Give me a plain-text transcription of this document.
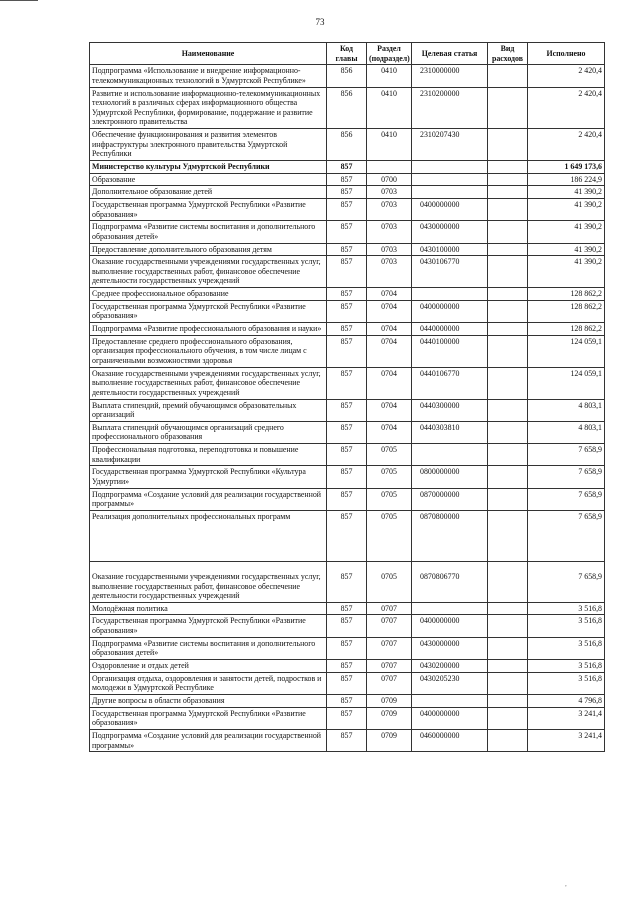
73
Наименование	Код главы	Раздел (подраздел)	Целевая статья	Вид расходов	Исполнено
Подпрограмма «Использование и внедрение информационно-телекоммуникационных технологий в Удмуртской Республике»	856	0410	2310000000		2 420,4
Развитие и использование информационно-телекоммуникационных технологий в различных сферах информационного общества Удмуртской Республики, формирование, поддержание и развитие электронного правительства	856	0410	2310200000		2 420,4
Обеспечение функционирования и развития элементов инфраструктуры электронного правительства Удмуртской Республики	856	0410	2310207430		2 420,4
Министерство культуры Удмуртской Республики	857				1 649 173,6
Образование	857	0700			186 224,9
Дополнительное образование детей	857	0703			41 390,2
Государственная программа Удмуртской Республики «Развитие образования»	857	0703	0400000000		41 390,2
Подпрограмма «Развитие системы воспитания и дополнительного образования детей»	857	0703	0430000000		41 390,2
Предоставление дополнительного образования детям	857	0703	0430100000		41 390,2
Оказание государственными учреждениями государственных услуг, выполнение государственных работ, финансовое обеспечение деятельности государственных учреждений	857	0703	0430106770		41 390,2
Среднее профессиональное образование	857	0704			128 862,2
Государственная программа Удмуртской Республики «Развитие образования»	857	0704	0400000000		128 862,2
Подпрограмма «Развитие профессионального образования и науки»	857	0704	0440000000		128 862,2
Предоставление среднего профессионального образования, организация профессионального обучения, в том числе лицам с ограниченными возможностями здоровья	857	0704	0440100000		124 059,1
Оказание государственными учреждениями государственных услуг, выполнение государственных работ, финансовое обеспечение деятельности государственных учреждений	857	0704	0440106770		124 059,1
Выплата стипендий, премий обучающимся образовательных организаций	857	0704	0440300000		4 803,1
Выплата стипендий обучающимся организаций среднего профессионального образования	857	0704	0440303810		4 803,1
Профессиональная подготовка, переподготовка и повышение квалификации	857	0705			7 658,9
Государственная программа Удмуртской Республики «Культура Удмуртии»	857	0705	0800000000		7 658,9
Подпрограмма «Создание условий для реализации государственной программы»	857	0705	0870000000		7 658,9
Реализация дополнительных профессиональных программ	857	0705	0870800000		7 658,9
Оказание государственными учреждениями государственных услуг, выполнение государственных работ, финансовое обеспечение деятельности государственных учреждений	857	0705	0870806770		7 658,9
Молодёжная политика	857	0707			3 516,8
Государственная программа Удмуртской Республики «Развитие образования»	857	0707	0400000000		3 516,8
Подпрограмма «Развитие системы воспитания и дополнительного образования детей»	857	0707	0430000000		3 516,8
Оздоровление и отдых детей	857	0707	0430200000		3 516,8
Организация отдыха, оздоровления и занятости детей, подростков и молодежи в Удмуртской Республике	857	0707	0430205230		3 516,8
Другие вопросы в области образования	857	0709			4 796,8
Государственная программа Удмуртской Республики «Развитие образования»	857	0709	0400000000		3 241,4
Подпрограмма «Создание условий для реализации государственной программы»	857	0709	0460000000		3 241,4
,
